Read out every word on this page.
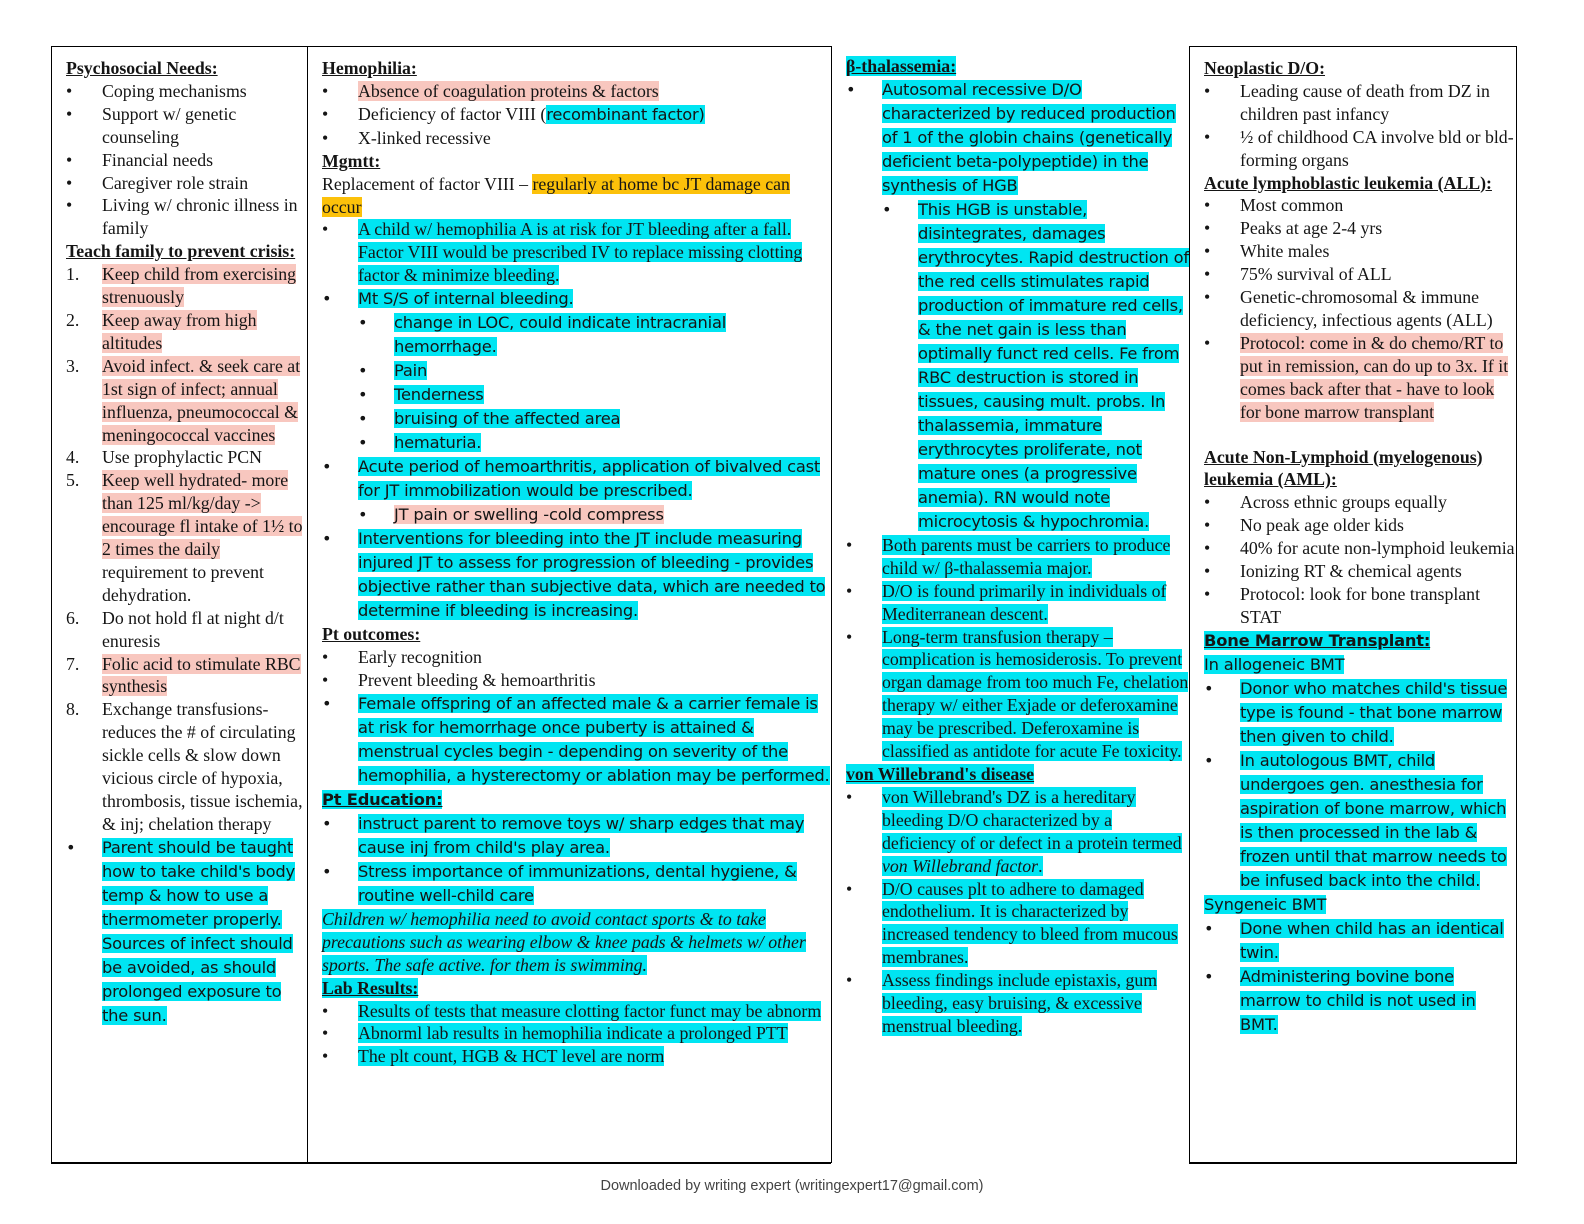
Psychosocial Needs:
•	Coping mechanisms
•	Support w/ genetic counseling
•	Financial needs
•	Caregiver role strain
•	Living w/ chronic illness in family
Teach family to prevent crisis:
1.	Keep child from exercising strenuously
2.	Keep away from high altitudes
3.	Avoid infect. & seek care at 1st sign of infect; annual influenza, pneumococcal & meningococcal vaccines
4.	Use prophylactic PCN
5.	Keep well hydrated- more than 125 ml/kg/day -> encourage fl intake of 1½ to 2 times the daily requirement to prevent dehydration.
6.	Do not hold fl at night d/t enuresis
7.	Folic acid to stimulate RBC synthesis
8.	Exchange transfusions- reduces the # of circulating sickle cells & slow down vicious circle of hypoxia, thrombosis, tissue ischemia, & inj; chelation therapy
•	Parent should be taught how to take child's body temp & how to use a thermometer properly. Sources of infect should be avoided, as should prolonged exposure to the sun.
Hemophilia:
•	Absence of coagulation proteins & factors
•	Deficiency of factor VIII (recombinant factor)
•	X-linked recessive
Mgmtt:
Replacement of factor VIII – regularly at home bc JT damage can occur
•	A child w/ hemophilia A is at risk for JT bleeding after a fall. Factor VIII would be prescribed IV to replace missing clotting factor & minimize bleeding.
•	Mt S/S of internal bleeding.
•	change in LOC, could indicate intracranial hemorrhage.
•	Pain
•	Tenderness
•	bruising of the affected area
•	hematuria.
•	Acute period of hemoarthritis, application of bivalved cast for JT immobilization would be prescribed.
•	JT pain or swelling -cold compress
•	Interventions for bleeding into the JT include measuring injured JT to assess for progression of bleeding - provides objective rather than subjective data, which are needed to determine if bleeding is increasing.
Pt outcomes:
•	Early recognition
•	Prevent bleeding & hemoarthritis
•	Female offspring of an affected male & a carrier female is at risk for hemorrhage once puberty is attained & menstrual cycles begin - depending on severity of the hemophilia, a hysterectomy or ablation may be performed.
Pt Education:
•	instruct parent to remove toys w/ sharp edges that may cause inj from child's play area.
•	Stress importance of immunizations, dental hygiene, & routine well-child care
Children w/ hemophilia need to avoid contact sports & to take precautions such as wearing elbow & knee pads & helmets w/ other sports. The safe active. for them is swimming.
Lab Results:
•	Results of tests that measure clotting factor funct may be abnorm
•	Abnorml lab results in hemophilia indicate a prolonged PTT
•	The plt count, HGB & HCT level are norm
β-thalassemia:
•	Autosomal recessive D/O characterized by reduced production of 1 of the globin chains (genetically deficient beta-polypeptide) in the synthesis of HGB
•	This HGB is unstable, disintegrates, damages erythrocytes. Rapid destruction of the red cells stimulates rapid production of immature red cells, & the net gain is less than optimally funct red cells. Fe from RBC destruction is stored in tissues, causing mult. probs. In thalassemia, immature erythrocytes proliferate, not mature ones (a progressive anemia). RN would note microcytosis & hypochromia.
•	Both parents must be carriers to produce child w/ β-thalassemia major.
•	D/O is found primarily in individuals of Mediterranean descent.
•	Long-term transfusion therapy – complication is hemosiderosis. To prevent organ damage from too much Fe, chelation therapy w/ either Exjade or deferoxamine may be prescribed. Deferoxamine is classified as antidote for acute Fe toxicity.
von Willebrand's disease
•	von Willebrand's DZ is a hereditary bleeding D/O characterized by a deficiency of or defect in a protein termed von Willebrand factor.
•	D/O causes plt to adhere to damaged endothelium. It is characterized by increased tendency to bleed from mucous membranes.
•	Assess findings include epistaxis, gum bleeding, easy bruising, & excessive menstrual bleeding.
Neoplastic D/O:
•	Leading cause of death from DZ in children past infancy
•	½ of childhood CA involve bld or bld-forming organs
Acute lymphoblastic leukemia (ALL):
•	Most common
•	Peaks at age 2-4 yrs
•	White males
•	75% survival of ALL
•	Genetic-chromosomal & immune deficiency, infectious agents (ALL)
•	Protocol: come in & do chemo/RT to put in remission, can do up to 3x. If it comes back after that - have to look for bone marrow transplant
Acute Non-Lymphoid (myelogenous) leukemia (AML):
•	Across ethnic groups equally
•	No peak age older kids
•	40% for acute non-lymphoid leukemia
•	Ionizing RT & chemical agents
•	Protocol: look for bone transplant STAT
Bone Marrow Transplant:
In allogeneic BMT
•	Donor who matches child's tissue type is found - that bone marrow then given to child.
•	In autologous BMT, child undergoes gen. anesthesia for aspiration of bone marrow, which is then processed in the lab & frozen until that marrow needs to be infused back into the child.
Syngeneic BMT
•	Done when child has an identical twin.
•	Administering bovine bone marrow to child is not used in BMT.
Downloaded by writing expert (writingexpert17@gmail.com)
